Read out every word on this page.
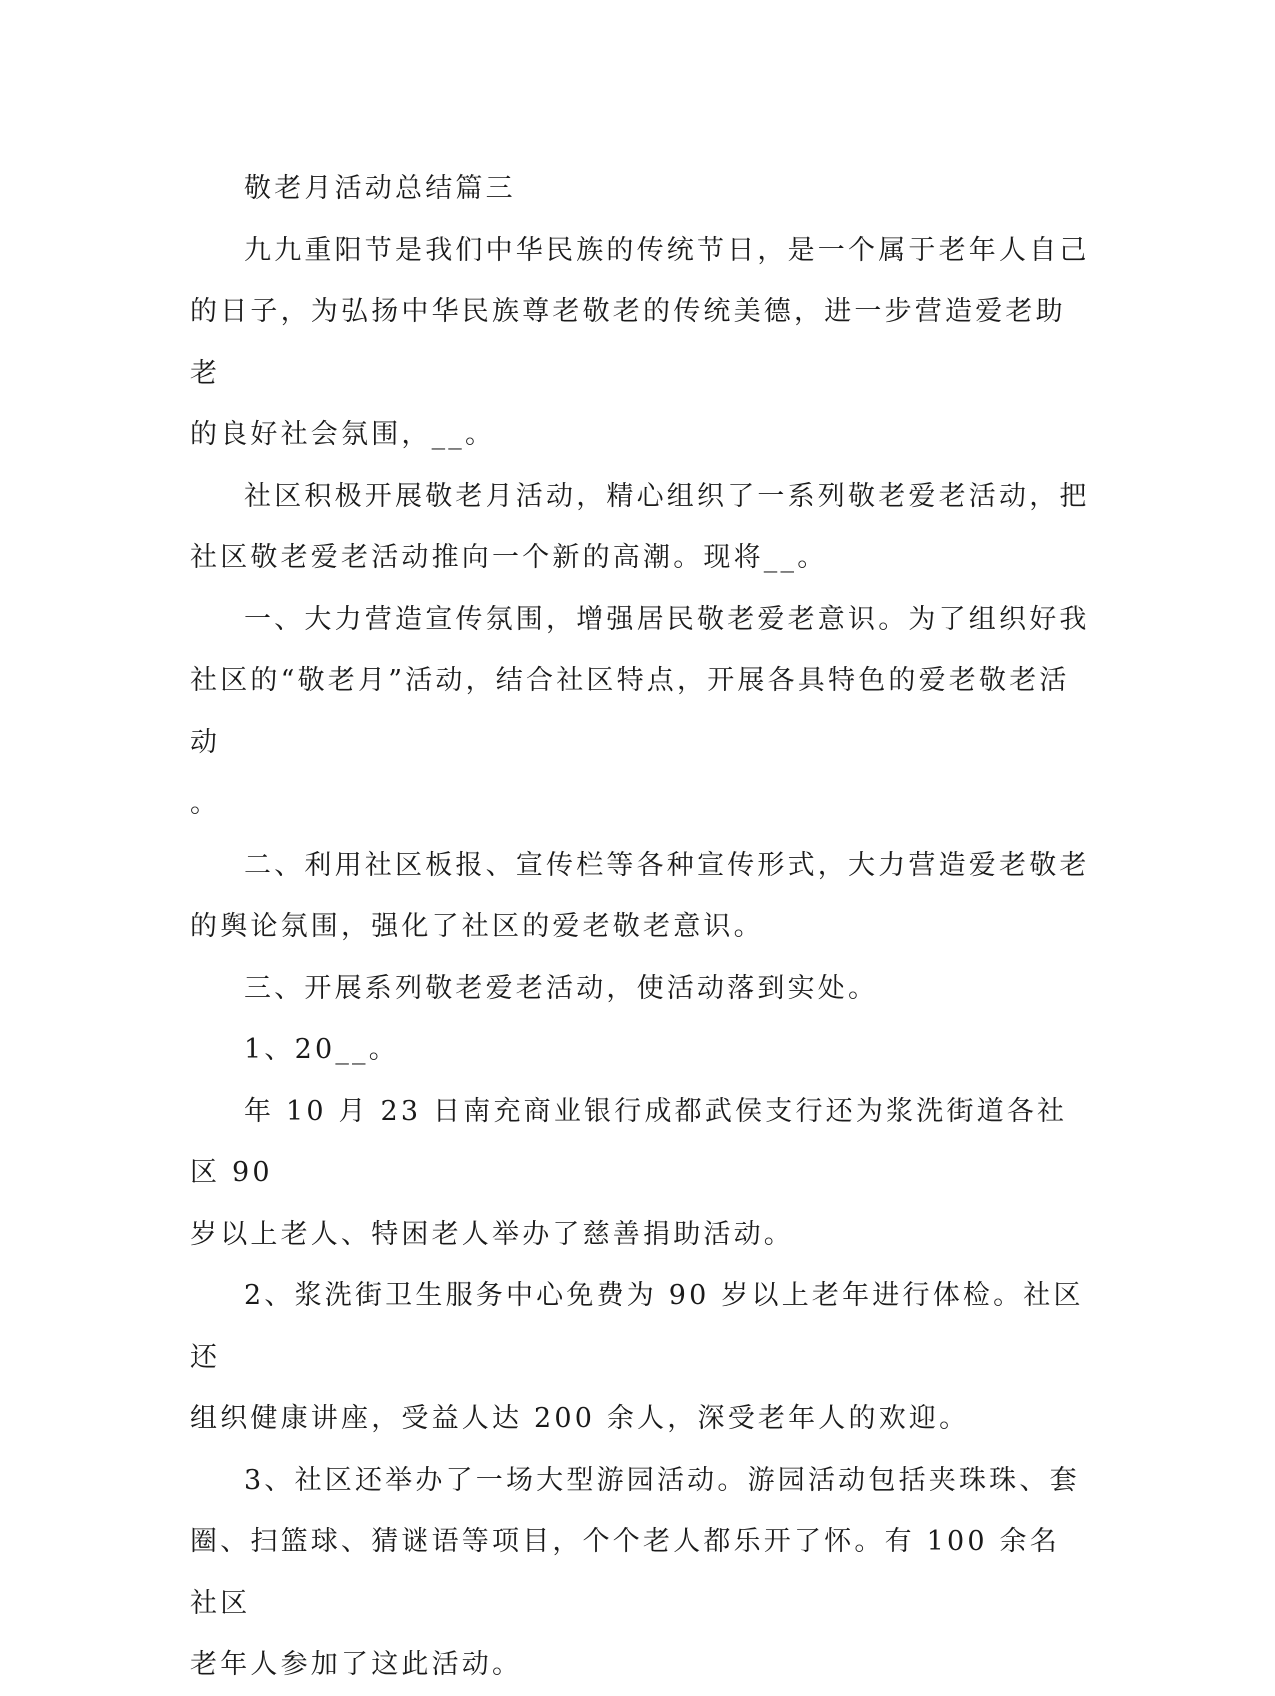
敬老月活动总结篇三

九九重阳节是我们中华民族的传统节日，是一个属于老年人自己

的日子，为弘扬中华民族尊老敬老的传统美德，进一步营造爱老助老

的良好社会氛围，__。

社区积极开展敬老月活动，精心组织了一系列敬老爱老活动，把

社区敬老爱老活动推向一个新的高潮。现将__。

一、大力营造宣传氛围，增强居民敬老爱老意识。为了组织好我

社区的“敬老月”活动，结合社区特点，开展各具特色的爱老敬老活动

。

二、利用社区板报、宣传栏等各种宣传形式，大力营造爱老敬老

的舆论氛围，强化了社区的爱老敬老意识。

三、开展系列敬老爱老活动，使活动落到实处。

1、20__。

年 10 月 23 日南充商业银行成都武侯支行还为浆洗街道各社区 90

岁以上老人、特困老人举办了慈善捐助活动。

2、浆洗街卫生服务中心免费为 90 岁以上老年进行体检。社区还

组织健康讲座，受益人达 200 余人，深受老年人的欢迎。

3、社区还举办了一场大型游园活动。游园活动包括夹珠珠、套

圈、扫篮球、猜谜语等项目，个个老人都乐开了怀。有 100 余名社区

老年人参加了这此活动。
